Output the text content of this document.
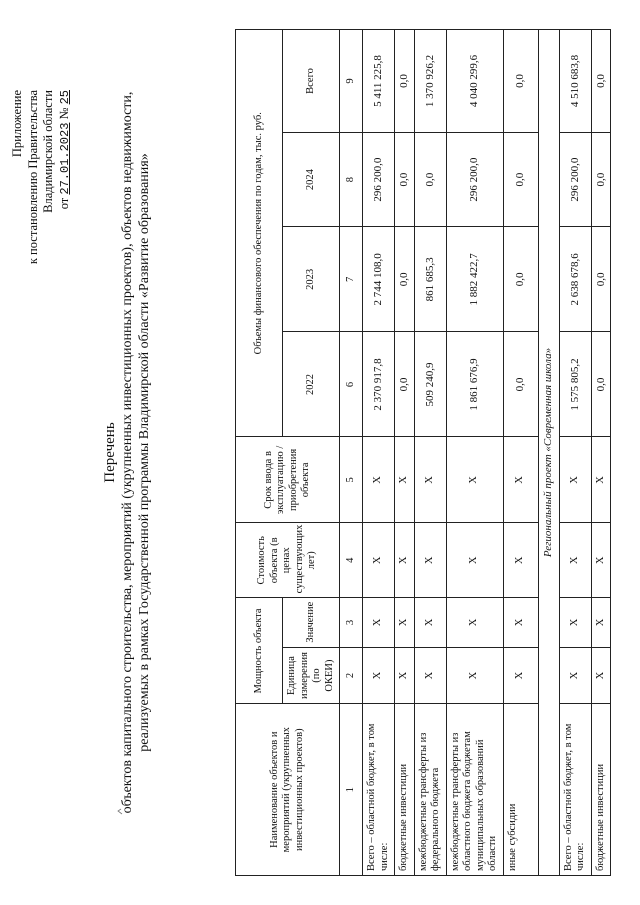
Приложение к постановлению Правительства Владимирской области от 27.01.2023 № 25
Перечень объектов капитального строительства, мероприятий (укрупненных инвестиционных проектов), объектов недвижимости, реализуемых в рамках Государственной программы Владимирской области «Развитие образования»
Наименование объектов и мероприятий (укрупненных инвестиционных проектов)	Мощность объекта		Стоимость объекта (в ценах существующих лет)	Срок ввода в эксплуатацию / приобретения объекта	Объемы финансового обеспечения по годам, тыс. руб.			
	Единица измерения (по ОКЕИ)	Значение			2022	2023	2024	Всего
1	2	3	4	5	6	7	8	9
Всего – областной бюджет, в том числе:	Х	Х	Х	Х	2 370 917,8	2 744 108,0	296 200,0	5 411 225,8
бюджетные инвестиции	Х	Х	Х	Х	0,0	0,0	0,0	0,0
межбюджетные трансферты из федерального бюджета	Х	Х	Х	Х	509 240,9	861 685,3	0,0	1 370 926,2
межбюджетные трансферты из областного бюджета бюджетам муниципальных образований области	Х	Х	Х	Х	1 861 676,9	1 882 422,7	296 200,0	4 040 299,6
иные субсидии	Х	Х	Х	Х	0,0	0,0	0,0	0,0
Региональный проект «Современная школа»								
Всего – областной бюджет, в том числе:	Х	Х	Х	Х	1 575 805,2	2 638 678,6	296 200,0	4 510 683,8
бюджетные инвестиции	Х	Х	Х	Х	0,0	0,0	0,0	0,0
